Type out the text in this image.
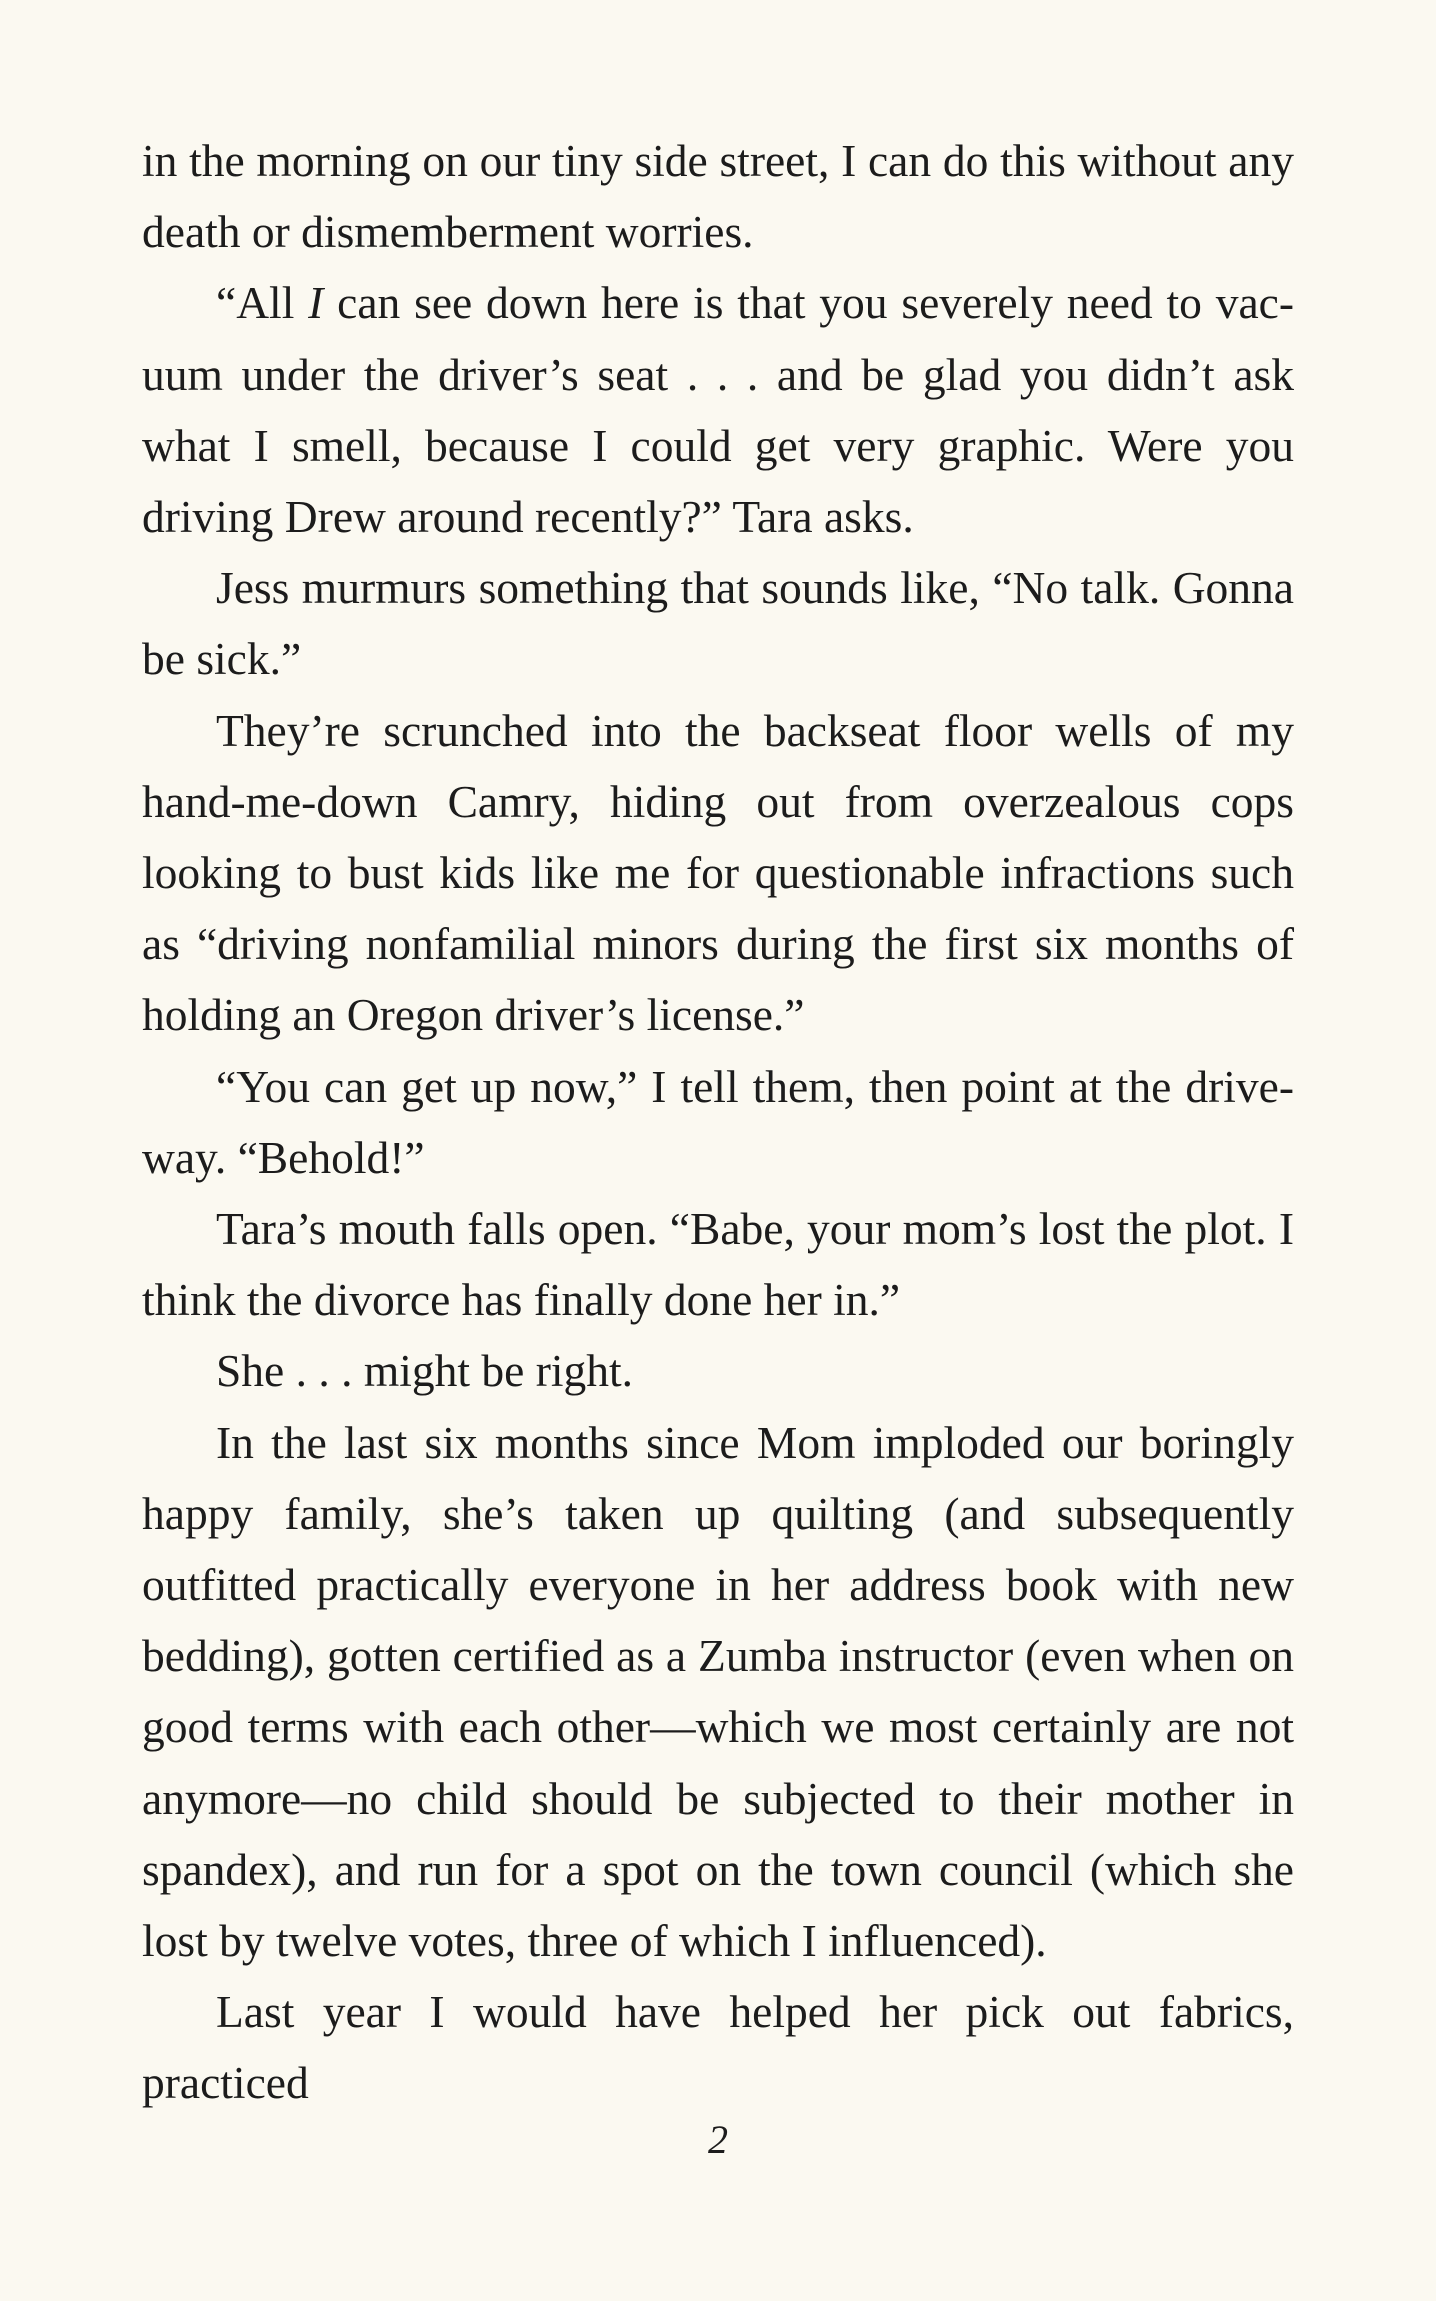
in the morning on our tiny side street, I can do this without any death or dismemberment worries.

“All I can see down here is that you severely need to vacuum under the driver’s seat . . . and be glad you didn’t ask what I smell, because I could get very graphic. Were you driving Drew around recently?” Tara asks.

Jess murmurs something that sounds like, “No talk. Gonna be sick.”

They’re scrunched into the backseat floor wells of my hand-me-down Camry, hiding out from overzealous cops looking to bust kids like me for questionable infractions such as “driving nonfamilial minors during the first six months of holding an Oregon driver’s license.”

“You can get up now,” I tell them, then point at the driveway. “Behold!”

Tara’s mouth falls open. “Babe, your mom’s lost the plot. I think the divorce has finally done her in.”

She . . . might be right.

In the last six months since Mom imploded our boringly happy family, she’s taken up quilting (and subsequently outfitted practically everyone in her address book with new bedding), gotten certified as a Zumba instructor (even when on good terms with each other—which we most certainly are not anymore—no child should be subjected to their mother in spandex), and run for a spot on the town council (which she lost by twelve votes, three of which I influenced).

Last year I would have helped her pick out fabrics, practiced

2
